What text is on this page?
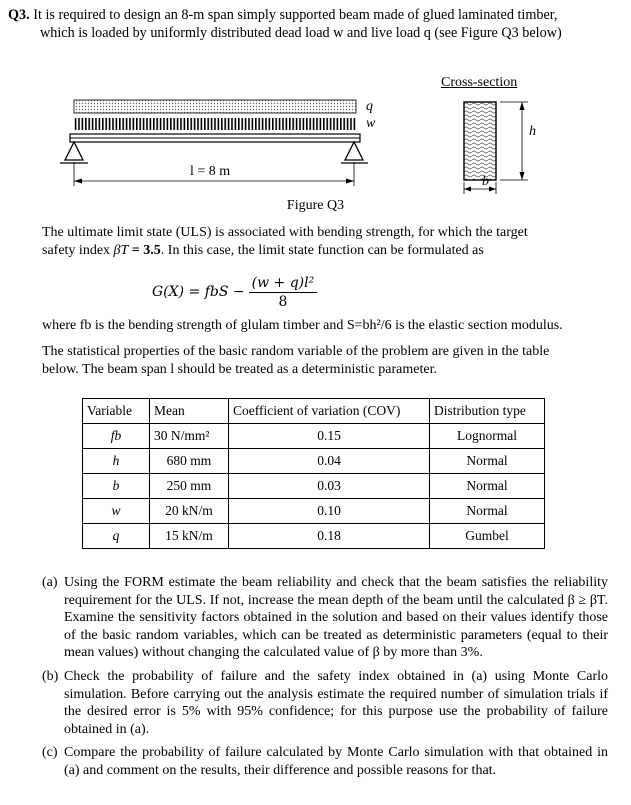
Q3. It is required to design an 8-m span simply supported beam made of glued laminated timber,
which is loaded by uniformly distributed dead load w and live load q (see Figure Q3 below)
Cross-section
q
w
l = 8 m
h
b
Figure Q3
The ultimate limit state (ULS) is associated with bending strength, for which the target
safety index βT = 3.5. In this case, the limit state function can be formulated as
G(X) = fbS − $\frac{\text{(w + q)l²}}{8}$
where fb is the bending strength of glulam timber and S=bh²/6 is the elastic section modulus.
The statistical properties of the basic random variable of the problem are given in the table
below. The beam span l should be treated as a deterministic parameter.
Variable	Mean	Coefficient of variation (COV)	Distribution type
fb	30 N/mm²	0.15	Lognormal
h	680 mm	0.04	Normal
b	250 mm	0.03	Normal
w	20 kN/m	0.10	Normal
q	15 kN/m	0.18	Gumbel
(a) Using the FORM estimate the beam reliability and check that the beam satisfies the reliability requirement for the ULS. If not, increase the mean depth of the beam until the calculated β ≥ βT. Examine the sensitivity factors obtained in the solution and based on their values identify those of the basic random variables, which can be treated as deterministic parameters (equal to their mean values) without changing the calculated value of β by more than 3%.
(b) Check the probability of failure and the safety index obtained in (a) using Monte Carlo simulation. Before carrying out the analysis estimate the required number of simulation trials if the desired error is 5% with 95% confidence; for this purpose use the probability of failure obtained in (a).
(c) Compare the probability of failure calculated by Monte Carlo simulation with that obtained in (a) and comment on the results, their difference and possible reasons for that.
